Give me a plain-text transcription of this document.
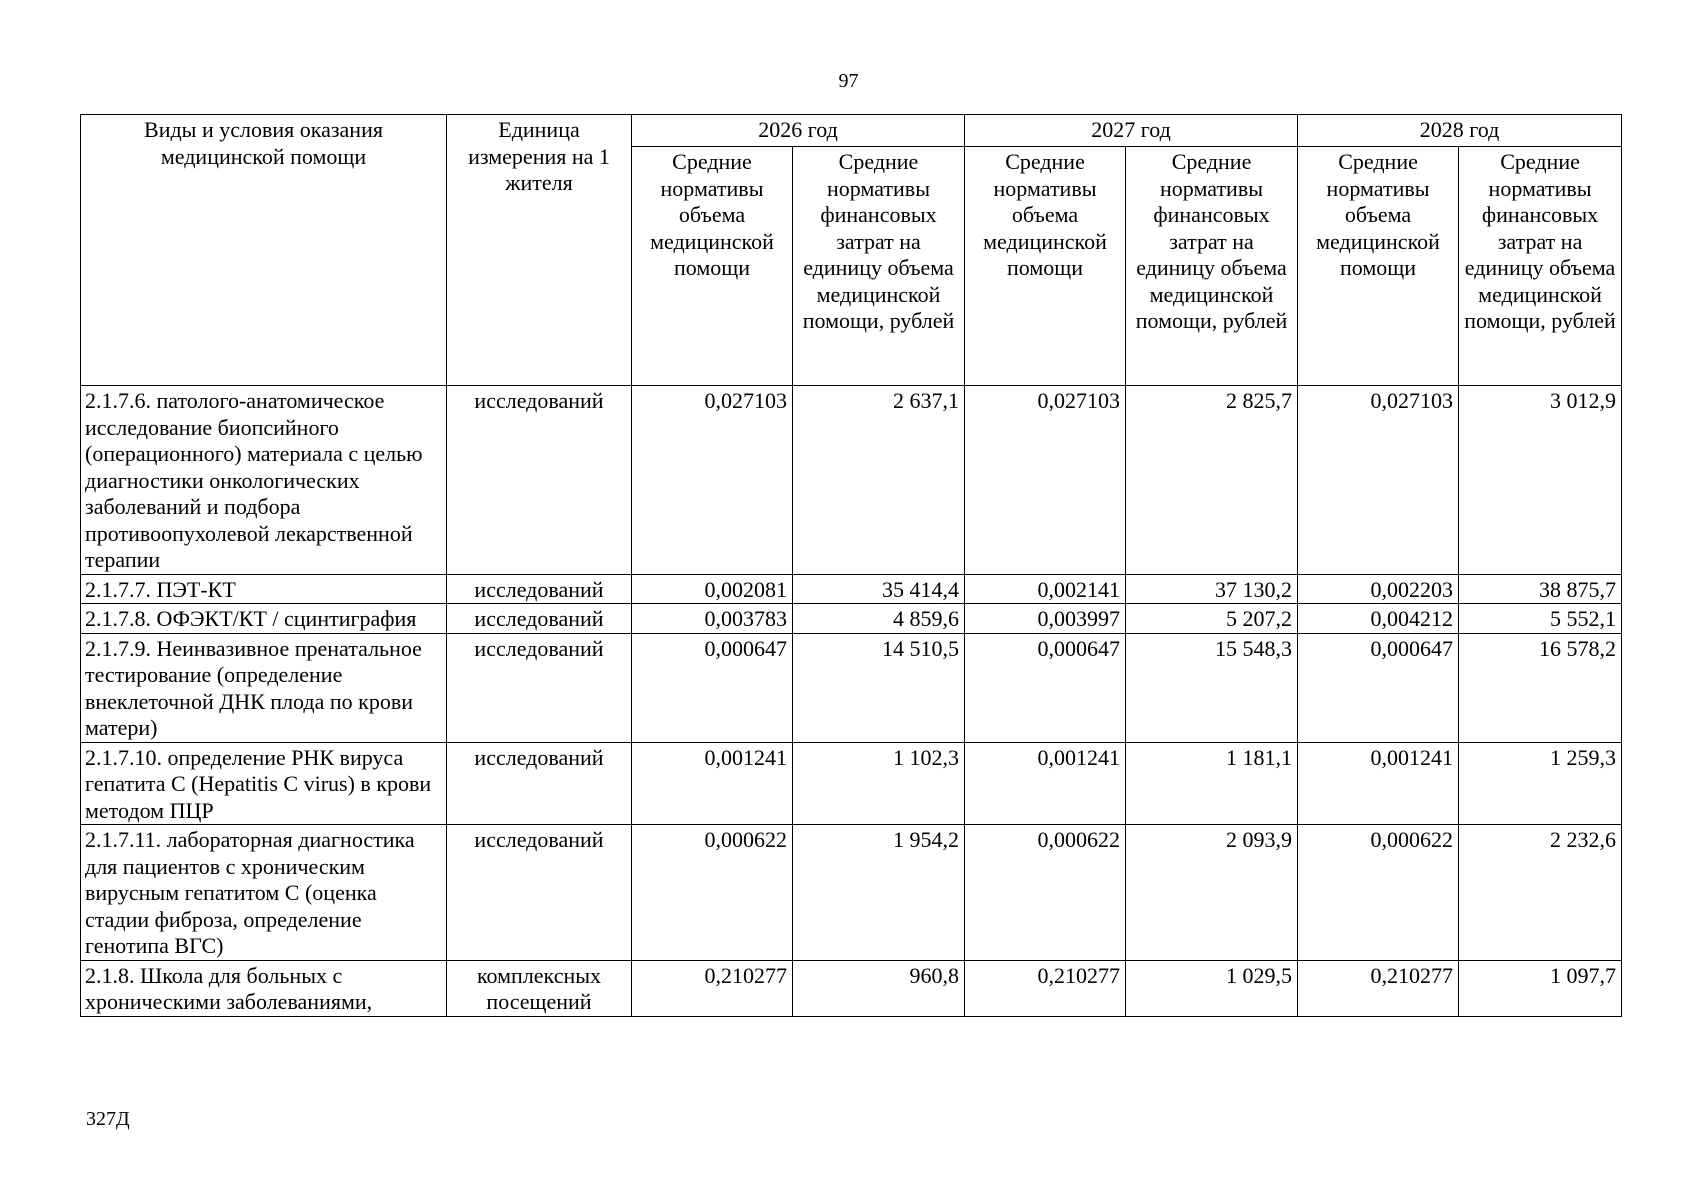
97
Виды и условия оказания медицинской помощи	Единица измерения на 1 жителя	2026 год		2027 год		2028 год	
		Средние нормативы объема медицинской помощи	Средние нормативы финансовых затрат на единицу объема медицинской помощи, рублей	Средние нормативы объема медицинской помощи	Средние нормативы финансовых затрат на единицу объема медицинской помощи, рублей	Средние нормативы объема медицинской помощи	Средние нормативы финансовых затрат на единицу объема медицинской помощи, рублей
2.1.7.6. патолого-анатомическое исследование биопсийного (операционного) материала с целью диагностики онкологических заболеваний и подбора противоопухолевой лекарственной терапии	исследований	0,027103	2 637,1	0,027103	2 825,7	0,027103	3 012,9
2.1.7.7. ПЭТ-КТ	исследований	0,002081	35 414,4	0,002141	37 130,2	0,002203	38 875,7
2.1.7.8. ОФЭКТ/КТ / сцинтиграфия	исследований	0,003783	4 859,6	0,003997	5 207,2	0,004212	5 552,1
2.1.7.9. Неинвазивное пренатальное тестирование (определение внеклеточной ДНК плода по крови матери)	исследований	0,000647	14 510,5	0,000647	15 548,3	0,000647	16 578,2
2.1.7.10. определение РНК вируса гепатита С (Hepatitis C virus) в крови методом ПЦР	исследований	0,001241	1 102,3	0,001241	1 181,1	0,001241	1 259,3
2.1.7.11. лабораторная диагностика для пациентов с хроническим вирусным гепатитом С (оценка стадии фиброза, определение генотипа ВГС)	исследований	0,000622	1 954,2	0,000622	2 093,9	0,000622	2 232,6
2.1.8. Школа для больных с хроническими заболеваниями,	комплексных посещений	0,210277	960,8	0,210277	1 029,5	0,210277	1 097,7
327Д
